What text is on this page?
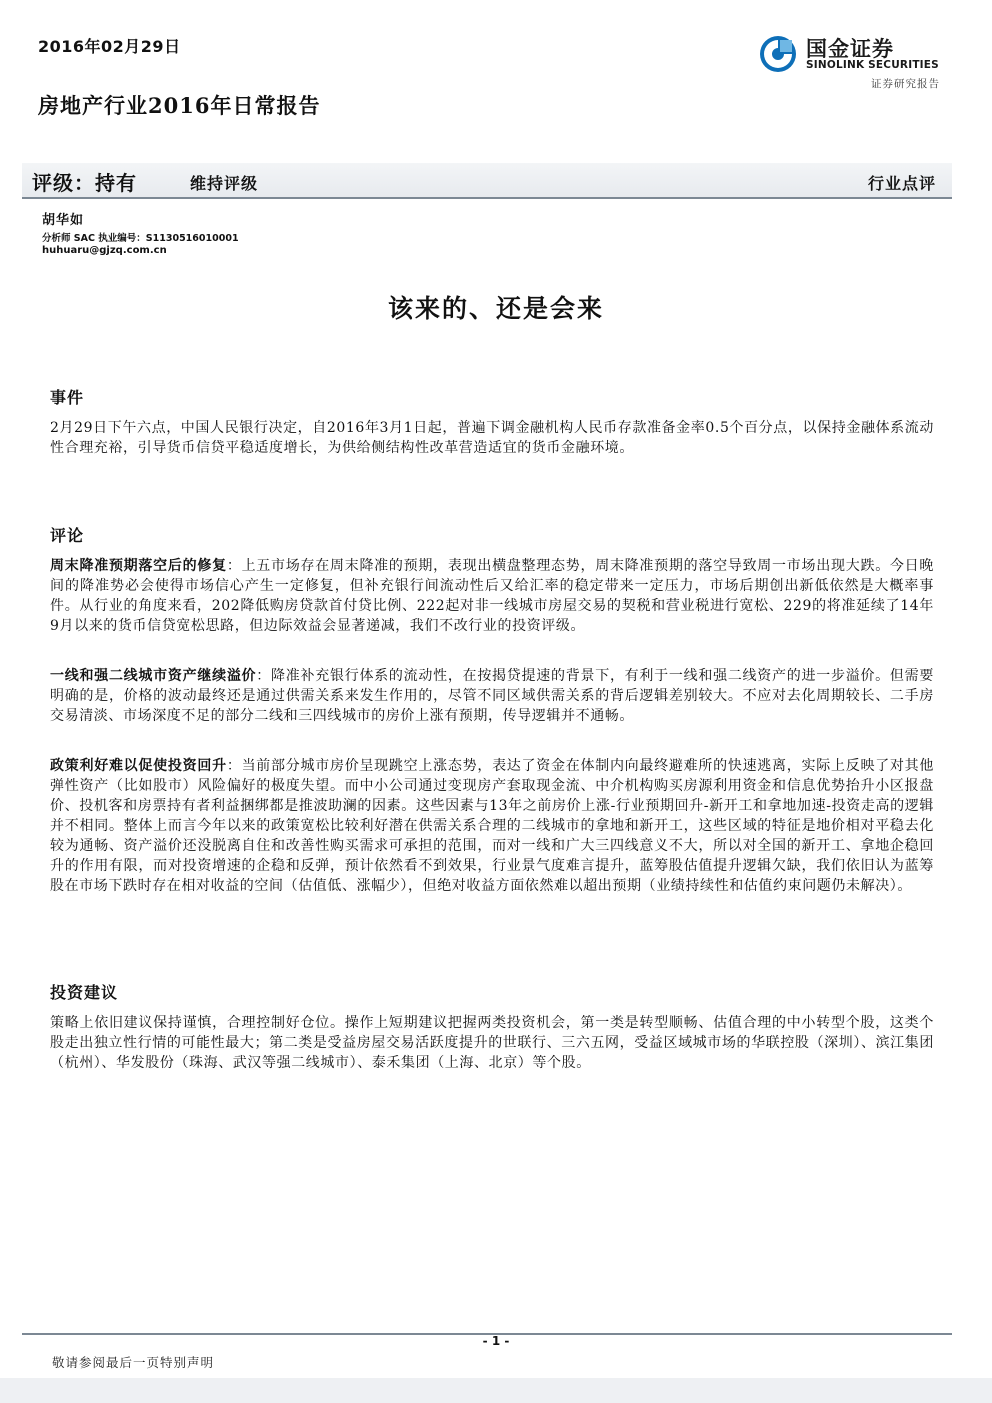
2016年02月29日	国金证券
SINOLINK SECURITIES
证券研究报告
房地产行业2016年日常报告
评级：持有	维持评级	行业点评
胡华如
分析师 SAC 执业编号：S1130516010001
huhuaru@gjzq.com.cn
该来的、还是会来
事件
2月29日下午六点，中国人民银行决定，自2016年3月1日起，普遍下调金融机构人民币存款准备金率0.5个百分点，以保持金融体系流动性合理充裕，引导货币信贷平稳适度增长，为供给侧结构性改革营造适宜的货币金融环境。
评论
周末降准预期落空后的修复：上五市场存在周末降准的预期，表现出横盘整理态势，周末降准预期的落空导致周一市场出现大跌。今日晚间的降准势必会使得市场信心产生一定修复，但补充银行间流动性后又给汇率的稳定带来一定压力，市场后期创出新低依然是大概率事件。从行业的角度来看，202降低购房贷款首付贷比例、222起对非一线城市房屋交易的契税和营业税进行宽松、229的将准延续了14年9月以来的货币信贷宽松思路，但边际效益会显著递减，我们不改行业的投资评级。
一线和强二线城市资产继续溢价：降准补充银行体系的流动性，在按揭贷提速的背景下，有利于一线和强二线资产的进一步溢价。但需要明确的是，价格的波动最终还是通过供需关系来发生作用的，尽管不同区域供需关系的背后逻辑差别较大。不应对去化周期较长、二手房交易清淡、市场深度不足的部分二线和三四线城市的房价上涨有预期，传导逻辑并不通畅。
政策利好难以促使投资回升：当前部分城市房价呈现跳空上涨态势，表达了资金在体制内向最终避难所的快速逃离，实际上反映了对其他弹性资产（比如股市）风险偏好的极度失望。而中小公司通过变现房产套取现金流、中介机构购买房源利用资金和信息优势抬升小区报盘价、投机客和房票持有者利益捆绑都是推波助澜的因素。这些因素与13年之前房价上涨-行业预期回升-新开工和拿地加速-投资走高的逻辑并不相同。整体上而言今年以来的政策宽松比较利好潜在供需关系合理的二线城市的拿地和新开工，这些区域的特征是地价相对平稳去化较为通畅、资产溢价还没脱离自住和改善性购买需求可承担的范围，而对一线和广大三四线意义不大，所以对全国的新开工、拿地企稳回升的作用有限，而对投资增速的企稳和反弹，预计依然看不到效果，行业景气度难言提升，蓝筹股估值提升逻辑欠缺，我们依旧认为蓝筹股在市场下跌时存在相对收益的空间（估值低、涨幅少），但绝对收益方面依然难以超出预期（业绩持续性和估值约束问题仍未解决）。
投资建议
策略上依旧建议保持谨慎，合理控制好仓位。操作上短期建议把握两类投资机会，第一类是转型顺畅、估值合理的中小转型个股，这类个股走出独立性行情的可能性最大；第二类是受益房屋交易活跃度提升的世联行、三六五网，受益区域城市场的华联控股（深圳）、滨江集团（杭州）、华发股份（珠海、武汉等强二线城市）、泰禾集团（上海、北京）等个股。
- 1 -
敬请参阅最后一页特别声明
